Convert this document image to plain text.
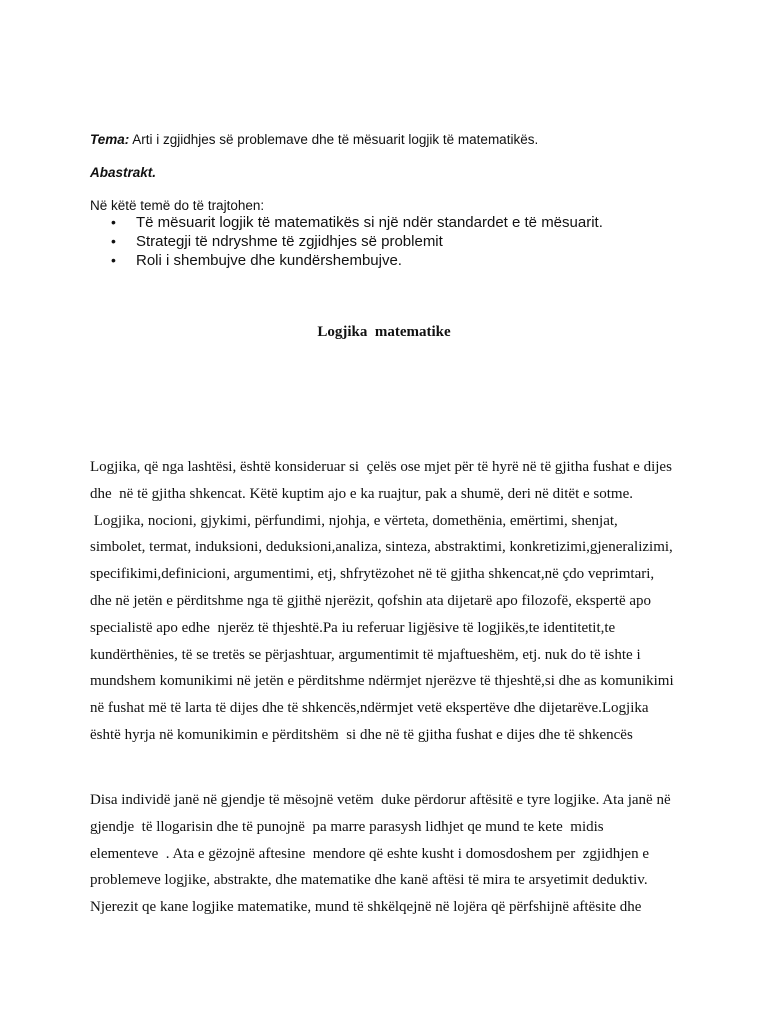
Tema: Arti i zgjidhjes së problemave dhe të mësuarit logjik të matematikës.
Abastrakt.
Në këtë temë do të trajtohen:
• Të mësuarit logjik të matematikës si një ndër standardet e të mësuarit.
• Strategji të ndryshme të zgjidhjes së problemit
• Roli i shembujve dhe kundërshembujve.
Logjika  matematike
Logjika, që nga lashtësi, është konsideruar si  çelës ose mjet për të hyrë në të gjitha fushat e dijes
dhe  në të gjitha shkencat. Këtë kuptim ajo e ka ruajtur, pak a shumë, deri në ditët e sotme.
Logjika, nocioni, gjykimi, përfundimi, njohja, e vërteta, domethënia, emërtimi, shenjat,
simbolet, termat, induksioni, deduksioni,analiza, sinteza, abstraktimi, konkretizimi,gjeneralizimi,
specifikimi,definicioni, argumentimi, etj, shfrytëzohet në të gjitha shkencat,në çdo veprimtari,
dhe në jetën e përditshme nga të gjithë njerëzit, qofshin ata dijetarë apo filozofë, ekspertë apo
specialistë apo edhe  njerëz të thjeshtë.Pa iu referuar ligjësive të logjikës,te identitetit,te
kundërthënies, të se tretës se përjashtuar, argumentimit të mjaftueshëm, etj. nuk do të ishte i
mundshem komunikimi në jetën e përditshme ndërmjet njerëzve të thjeshtë,si dhe as komunikimi
në fushat më të larta të dijes dhe të shkencës,ndërmjet vetë ekspertëve dhe dijetarëve.Logjika
është hyrja në komunikimin e përditshëm  si dhe në të gjitha fushat e dijes dhe të shkencës
Disa individë janë në gjendje të mësojnë vetëm  duke përdorur aftësitë e tyre logjike. Ata janë në
gjendje  të llogarisin dhe të punojnë  pa marre parasysh lidhjet qe mund te kete  midis
elementeve  . Ata e gëzojnë aftesine  mendore që eshte kusht i domosdoshem per  zgjidhjen e
problemeve logjike, abstrakte, dhe matematike dhe kanë aftësi të mira te arsyetimit deduktiv.
Njerezit qe kane logjike matematike, mund të shkëlqejnë në lojëra që përfshijnë aftësite dhe
